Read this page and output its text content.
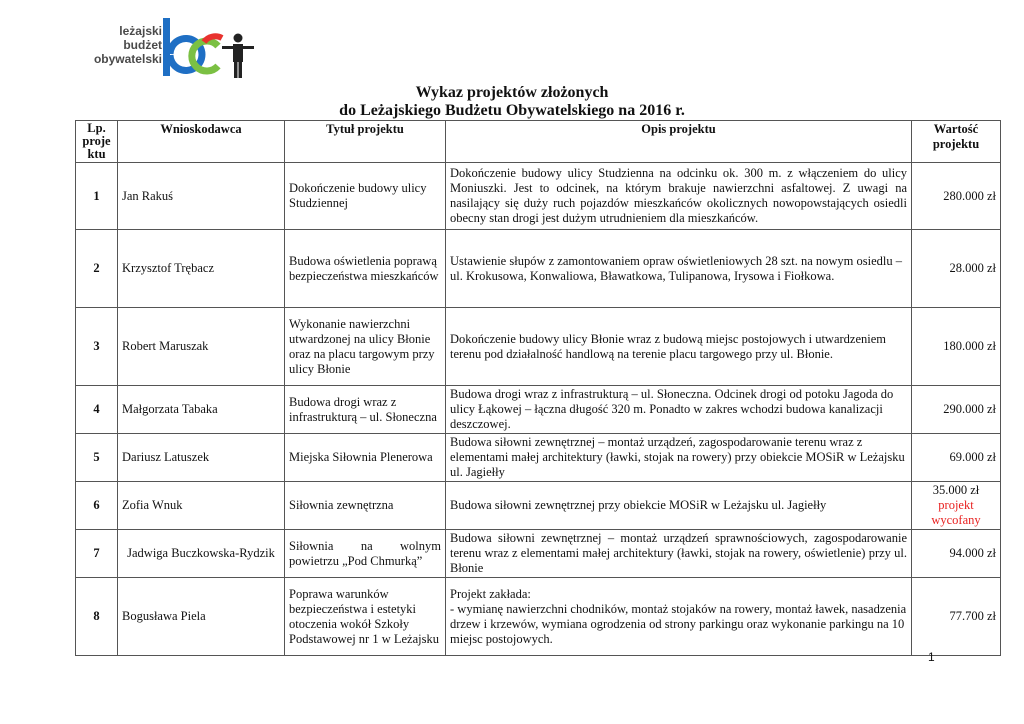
leżajski
budżet
obywatelski
Wykaz projektów złożonych
do Leżajskiego Budżetu Obywatelskiego na 2016 r.
Lp. proje ktu	Wnioskodawca	Tytuł projektu	Opis projektu	Wartość projektu
1	Jan Rakuś	Dokończenie budowy ulicy Studziennej	Dokończenie budowy ulicy Studzienna na odcinku ok. 300 m. z włączeniem do ulicy Moniuszki. Jest to odcinek, na którym brakuje nawierzchni asfaltowej. Z uwagi na nasilający się duży ruch pojazdów mieszkańców okolicznych nowopowstających osiedli obecny stan drogi jest dużym utrudnieniem dla mieszkańców.	280.000 zł
2	Krzysztof Trębacz	Budowa oświetlenia poprawą bezpieczeństwa mieszkańców	Ustawienie słupów z zamontowaniem opraw oświetleniowych 28 szt. na nowym osiedlu – ul. Krokusowa, Konwaliowa, Bławatkowa, Tulipanowa, Irysowa i Fiołkowa.	28.000 zł
3	Robert Maruszak	Wykonanie nawierzchni utwardzonej na ulicy Błonie oraz na placu targowym przy ulicy Błonie	Dokończenie budowy ulicy Błonie wraz z budową miejsc postojowych i utwardzeniem terenu pod działalność handlową na terenie placu targowego przy ul. Błonie.	180.000 zł
4	Małgorzata Tabaka	Budowa drogi wraz z infrastrukturą – ul. Słoneczna	Budowa drogi wraz z infrastrukturą – ul. Słoneczna. Odcinek drogi od potoku Jagoda do ulicy Łąkowej – łączna długość 320 m. Ponadto w zakres wchodzi budowa kanalizacji deszczowej.	290.000 zł
5	Dariusz Latuszek	Miejska Siłownia Plenerowa	Budowa siłowni zewnętrznej – montaż urządzeń, zagospodarowanie terenu wraz z elementami małej architektury (ławki, stojak na rowery) przy obiekcie MOSiR w Leżajsku ul. Jagiełły	69.000 zł
6	Zofia Wnuk	Siłownia zewnętrzna	Budowa siłowni zewnętrznej przy obiekcie MOSiR w Leżajsku ul. Jagiełły	35.000 zł
projekt wycofany

7	Jadwiga Buczkowska-Rydzik	Siłownia na wolnym powietrzu „Pod Chmurką”	Budowa siłowni zewnętrznej – montaż urządzeń sprawnościowych, zagospodarowanie terenu wraz z elementami małej architektury (ławki, stojak na rowery, oświetlenie) przy ul. Błonie	94.000 zł
8	Bogusława Piela	Poprawa warunków bezpieczeństwa i estetyki otoczenia wokół Szkoły Podstawowej nr 1 w Leżajsku	Projekt zakłada:
- wymianę nawierzchni chodników, montaż stojaków na rowery, montaż ławek, nasadzenia drzew i krzewów, wymiana ogrodzenia od strony parkingu oraz wykonanie parkingu na 10 miejsc postojowych.	77.700 zł
1
